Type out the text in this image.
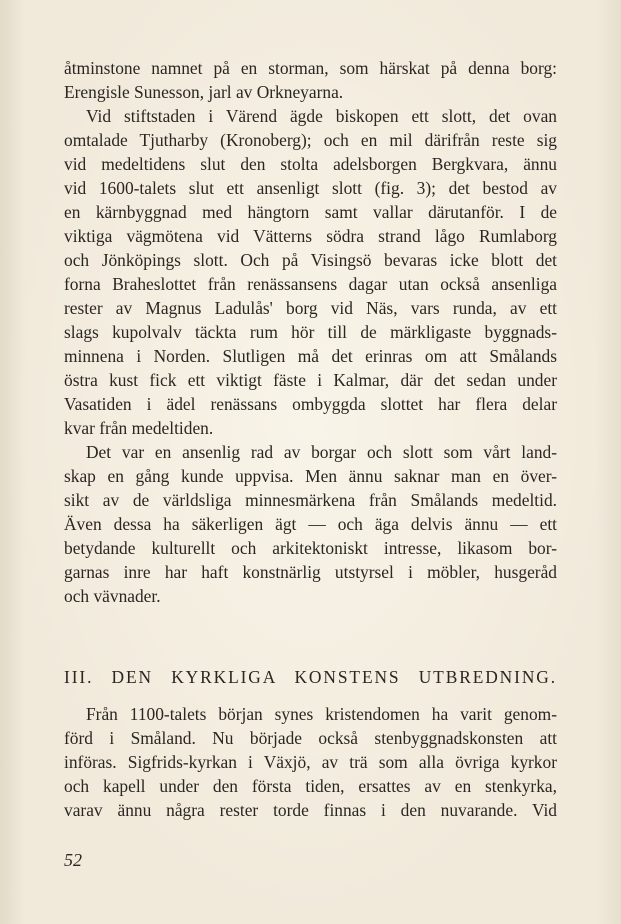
åtminstone namnet på en storman, som härskat på denna borg:
Erengisle Sunesson, jarl av Orkneyarna.
Vid stiftstaden i Värend ägde biskopen ett slott, det ovan
omtalade Tjutharby (Kronoberg); och en mil därifrån reste sig
vid medeltidens slut den stolta adelsborgen Bergkvara, ännu
vid 1600-talets slut ett ansenligt slott (fig. 3); det bestod av
en kärnbyggnad med hängtorn samt vallar därutanför. I de
viktiga vägmötena vid Vätterns södra strand lågo Rumlaborg
och Jönköpings slott. Och på Visingsö bevaras icke blott det
forna Braheslottet från renässansens dagar utan också ansenliga
rester av Magnus Ladulås' borg vid Näs, vars runda, av ett
slags kupolvalv täckta rum hör till de märkligaste byggnads-
minnena i Norden. Slutligen må det erinras om att Smålands
östra kust fick ett viktigt fäste i Kalmar, där det sedan under
Vasatiden i ädel renässans ombyggda slottet har flera delar
kvar från medeltiden.
Det var en ansenlig rad av borgar och slott som vårt land-
skap en gång kunde uppvisa. Men ännu saknar man en över-
sikt av de världsliga minnesmärkena från Smålands medeltid.
Även dessa ha säkerligen ägt — och äga delvis ännu — ett
betydande kulturellt och arkitektoniskt intresse, likasom bor-
garnas inre har haft konstnärlig utstyrsel i möbler, husgeråd
och vävnader.
III. DEN KYRKLIGA KONSTENS UTBREDNING.
Från 1100-talets början synes kristendomen ha varit genom-
förd i Småland. Nu började också stenbyggnadskonsten att
införas. Sigfrids-kyrkan i Växjö, av trä som alla övriga kyrkor
och kapell under den första tiden, ersattes av en stenkyrka,
varav ännu några rester torde finnas i den nuvarande. Vid
52
